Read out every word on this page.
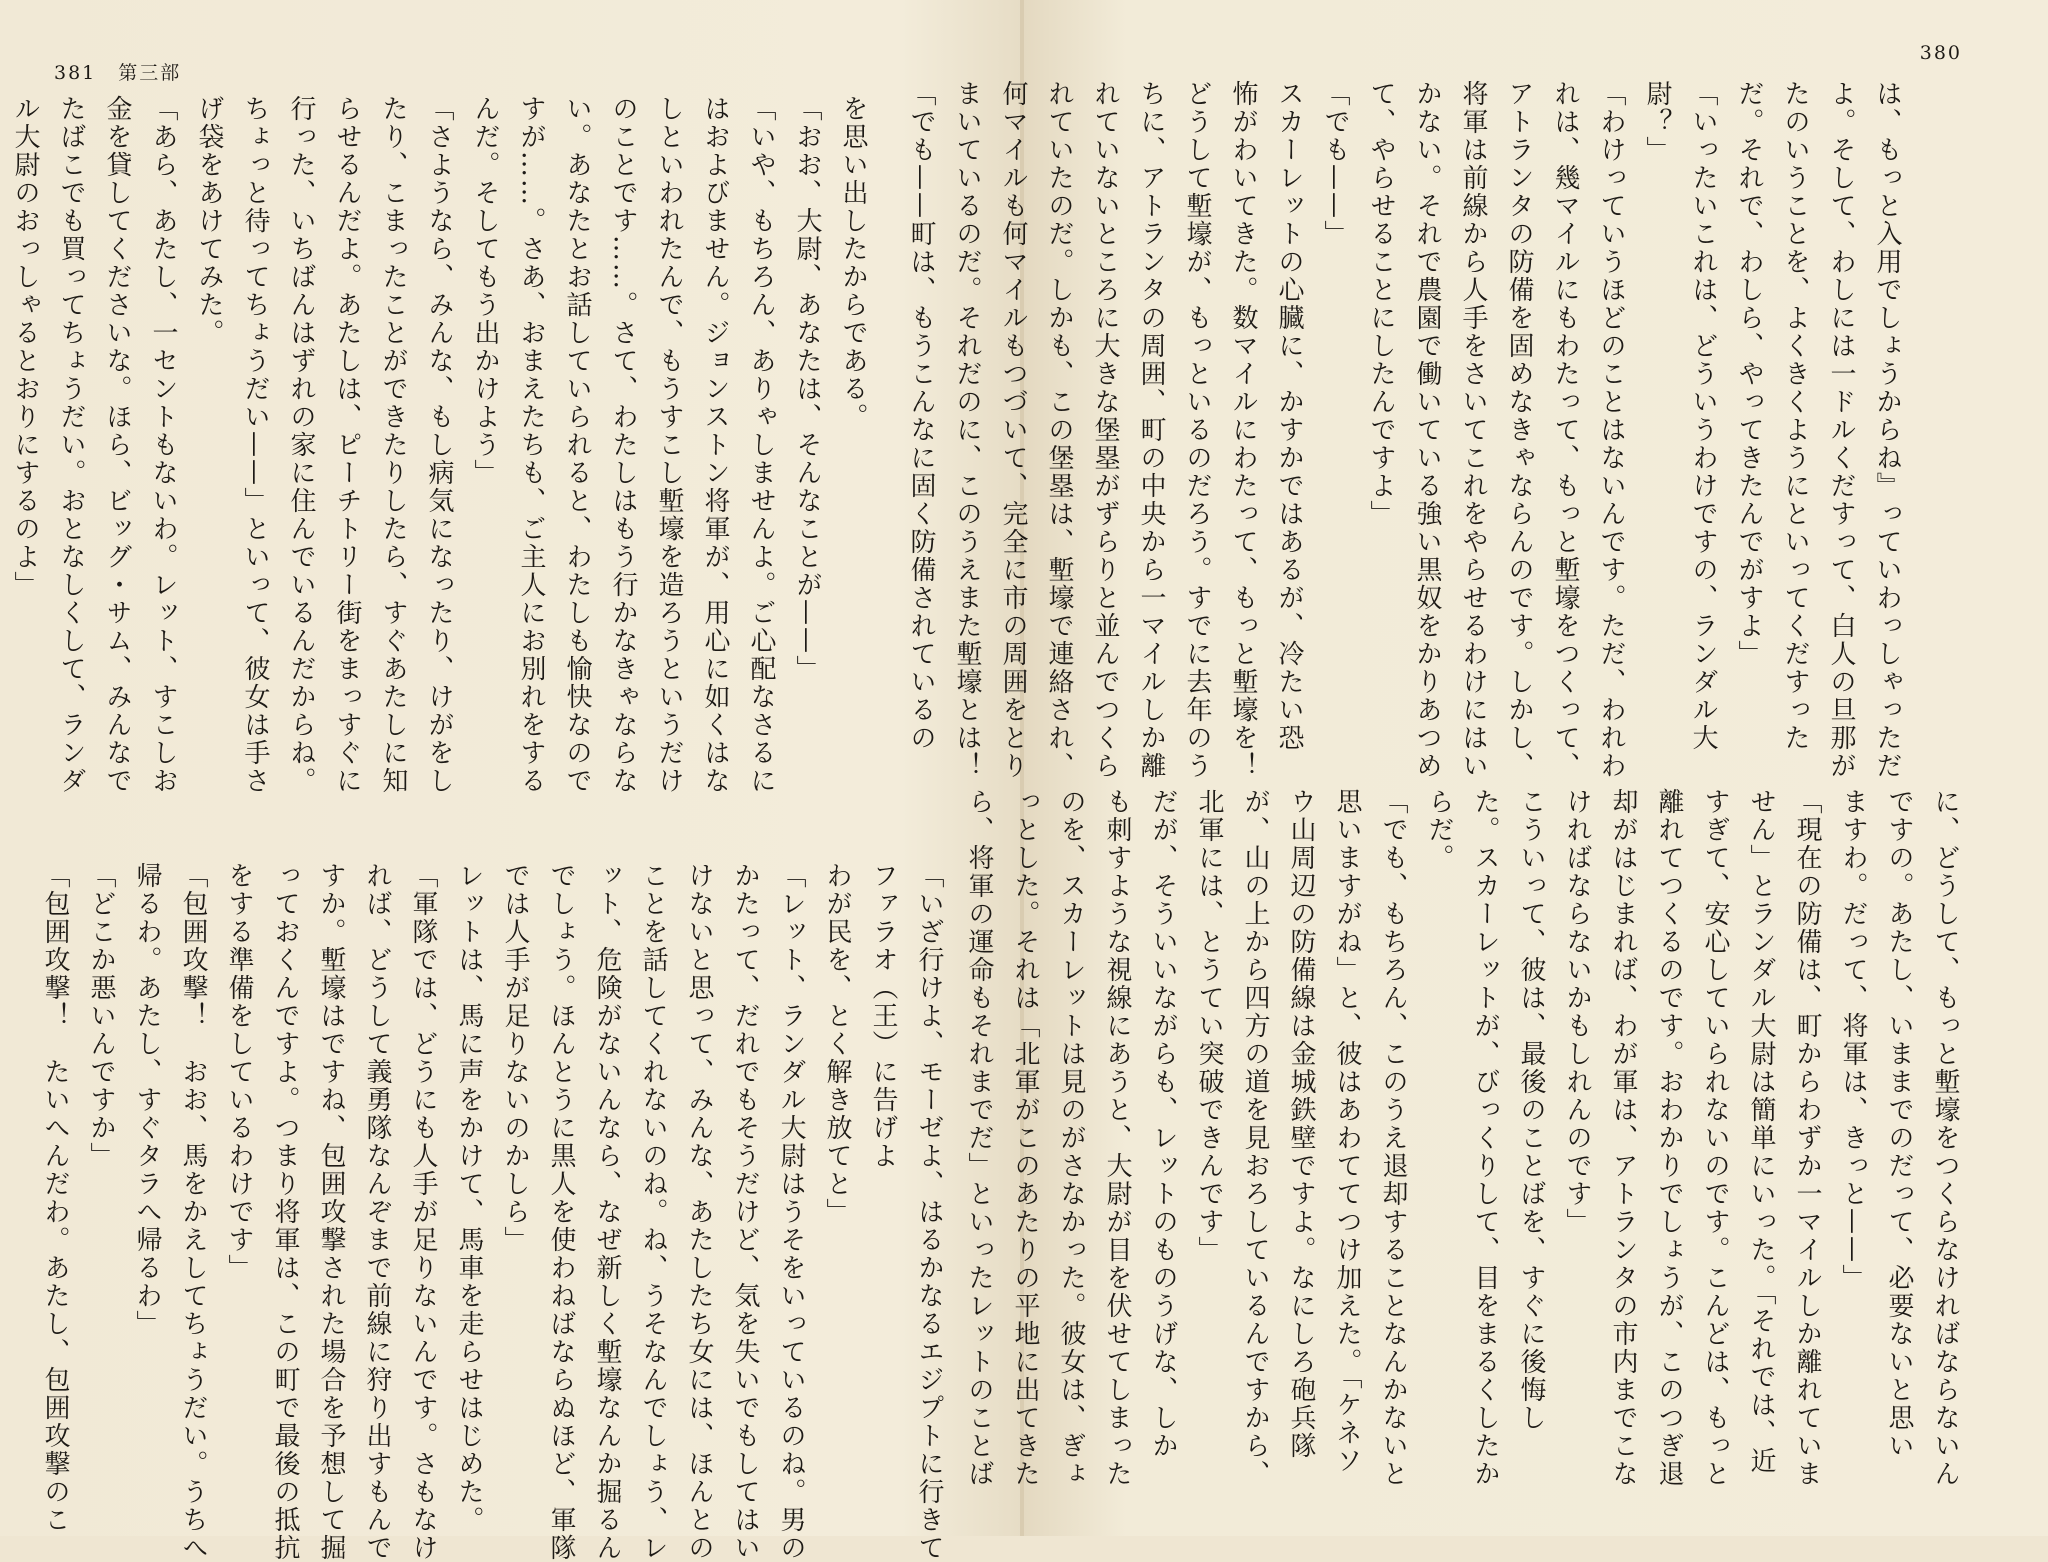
381 第三部
を思い出したからである。
「おお、大尉、あなたは、そんなことが——」
「いや、もちろん、ありゃしませんよ。ご心配なさるに
はおよびません。ジョンストン将軍が、用心に如くはな
しといわれたんで、もうすこし塹壕を造ろうというだけ
のことです……。さて、わたしはもう行かなきゃならな
い。あなたとお話していられると、わたしも愉快なので
すが……。さあ、おまえたちも、ご主人にお別れをする
んだ。そしてもう出かけよう」
「さようなら、みんな、もし病気になったり、けがをし
たり、こまったことができたりしたら、すぐあたしに知
らせるんだよ。あたしは、ピーチトリー街をまっすぐに
行った、いちばんはずれの家に住んでいるんだからね。
ちょっと待ってちょうだい——」といって、彼女は手さ
げ袋をあけてみた。
「あら、あたし、一セントもないわ。レット、すこしお
金を貸してくださいな。ほら、ビッグ・サム、みんなで
たばこでも買ってちょうだい。おとなしくして、ランダ
ル大尉のおっしゃるとおりにするのよ」
「いざ行けよ、モーゼよ、はるかなるエジプトに行きて
ファラオ（王）に告げよ
わが民を、とく解き放てと」
「レット、ランダル大尉はうそをいっているのね。男の
かたって、だれでもそうだけど、気を失いでもしてはい
けないと思って、みんな、あたしたち女には、ほんとの
ことを話してくれないのね。ね、うそなんでしょう、レ
ット、危険がないんなら、なぜ新しく塹壕なんか掘るん
でしょう。ほんとうに黒人を使わねばならぬほど、軍隊
では人手が足りないのかしら」
レットは、馬に声をかけて、馬車を走らせはじめた。
「軍隊では、どうにも人手が足りないんです。さもなけ
れば、どうして義勇隊なんぞまで前線に狩り出すもんで
すか。塹壕はですね、包囲攻撃された場合を予想して掘
っておくんですよ。つまり将軍は、この町で最後の抵抗
をする準備をしているわけです」
「包囲攻撃！　おお、馬をかえしてちょうだい。うちへ
帰るわ。あたし、すぐタラへ帰るわ」
「どこか悪いんですか」
「包囲攻撃！　たいへんだわ。あたし、包囲攻撃のこ
380
は、もっと入用でしょうからね』っていわっしゃっただ
よ。そして、わしには一ドルくだすって、白人の旦那が
たのいうことを、よくきくようにといってくだすった
だ。それで、わしら、やってきたんでがすよ」
「いったいこれは、どういうわけですの、ランダル大
尉？」
「わけっていうほどのことはないんです。ただ、われわ
れは、幾マイルにもわたって、もっと塹壕をつくって、
アトランタの防備を固めなきゃならんのです。しかし、
将軍は前線から人手をさいてこれをやらせるわけにはい
かない。それで農園で働いている強い黒奴をかりあつめ
て、やらせることにしたんですよ」
「でも——」
スカーレットの心臓に、かすかではあるが、冷たい恐
怖がわいてきた。数マイルにわたって、もっと塹壕を！
どうして塹壕が、もっといるのだろう。すでに去年のう
ちに、アトランタの周囲、町の中央から一マイルしか離
れていないところに大きな堡塁がずらりと並んでつくら
れていたのだ。しかも、この堡塁は、塹壕で連絡され、
何マイルも何マイルもつづいて、完全に市の周囲をとり
まいているのだ。それだのに、このうえまた塹壕とは！
「でも——町は、もうこんなに固く防備されているの
に、どうして、もっと塹壕をつくらなければならないん
ですの。あたし、いままでのだって、必要ないと思い
ますわ。だって、将軍は、きっと——」
「現在の防備は、町からわずか一マイルしか離れていま
せん」とランダル大尉は簡単にいった。「それでは、近
すぎて、安心していられないのです。こんどは、もっと
離れてつくるのです。おわかりでしょうが、このつぎ退
却がはじまれば、わが軍は、アトランタの市内までこな
ければならないかもしれんのです」
こういって、彼は、最後のことばを、すぐに後悔し
た。スカーレットが、びっくりして、目をまるくしたか
らだ。
「でも、もちろん、このうえ退却することなんかないと
思いますがね」と、彼はあわててつけ加えた。「ケネソ
ウ山周辺の防備線は金城鉄壁ですよ。なにしろ砲兵隊
が、山の上から四方の道を見おろしているんですから、
北軍には、とうてい突破できんです」
だが、そういいながらも、レットのものうげな、しか
も刺すような視線にあうと、大尉が目を伏せてしまった
のを、スカーレットは見のがさなかった。彼女は、ぎょ
っとした。それは「北軍がこのあたりの平地に出てきた
ら、将軍の運命もそれまでだ」といったレットのことば
